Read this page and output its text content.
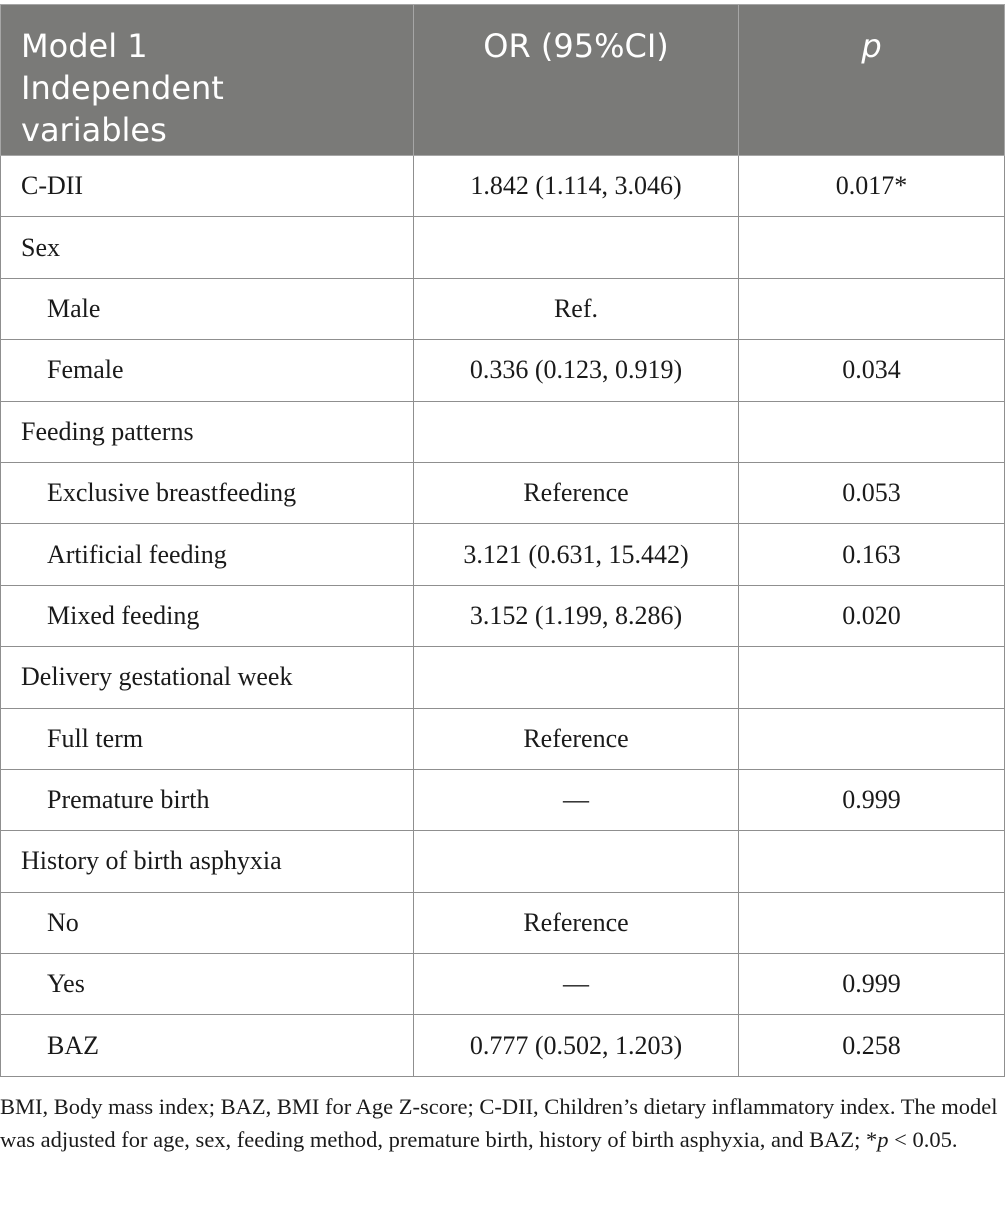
Model 1
Independent
variables	OR (95%CI)	p
C-DII	1.842 (1.114, 3.046)	0.017*
Sex		
Male	Ref.	
Female	0.336 (0.123, 0.919)	0.034
Feeding patterns		
Exclusive breastfeeding	Reference	0.053
Artificial feeding	3.121 (0.631, 15.442)	0.163
Mixed feeding	3.152 (1.199, 8.286)	0.020
Delivery gestational week		
Full term	Reference	
Premature birth	—	0.999
History of birth asphyxia		
No	Reference	
Yes	—	0.999
BAZ	0.777 (0.502, 1.203)	0.258
BMI, Body mass index; BAZ, BMI for Age Z-score; C-DII, Children’s dietary inflammatory index. The model was adjusted for age, sex, feeding method, premature birth, history of birth asphyxia, and BAZ; *p < 0.05.
